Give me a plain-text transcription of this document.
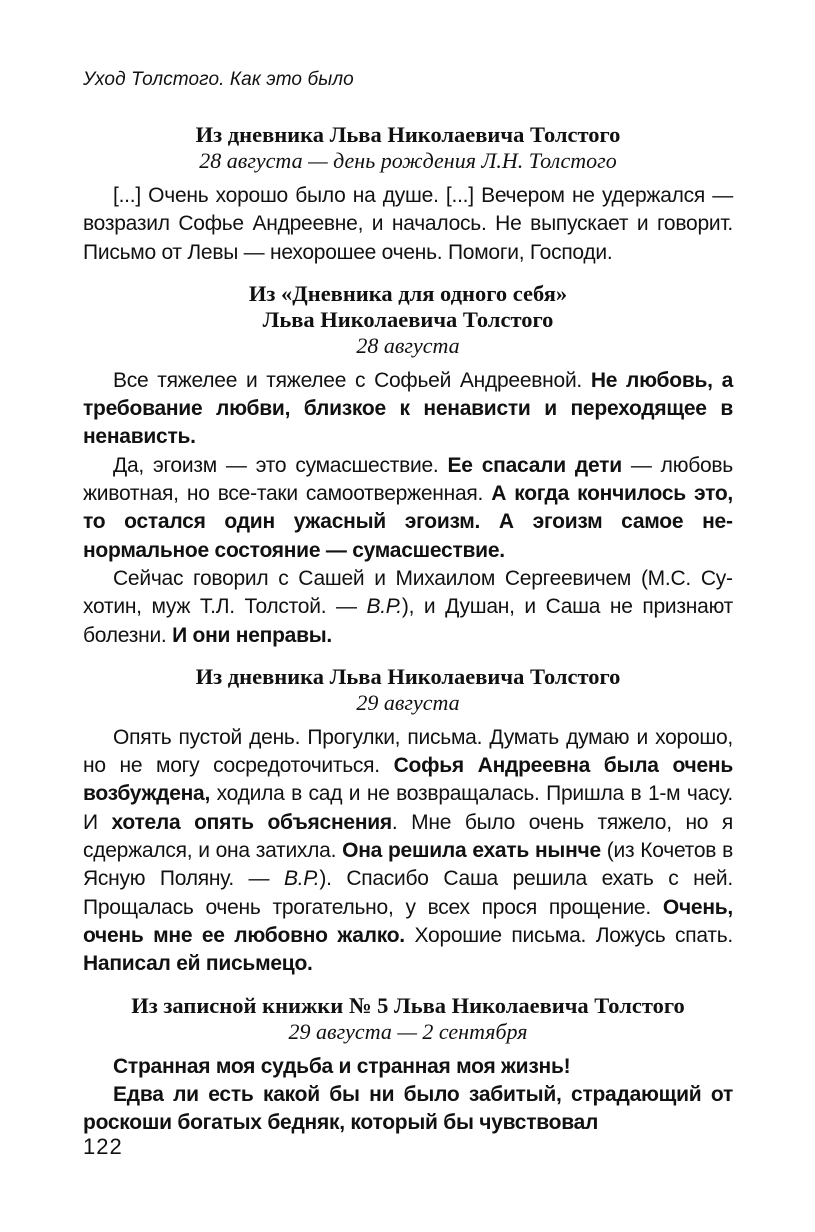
Уход Толстого. Как это было
Из дневника Льва Николаевича Толстого
28 августа — день рождения Л.Н. Толстого

[...] Очень хорошо было на душе. [...] Вечером не удержался — возразил Софье Андреевне, и началось. Не выпускает и говорит. Письмо от Левы — нехорошее очень. Помоги, Господи.

Из «Дневника для одного себя»
Льва Николаевича Толстого
28 августа

Все тяжелее и тяжелее с Софьей Андреевной. Не любовь, а требование любви, близкое к ненависти и переходящее в ненависть.

Да, эгоизм — это сумасшествие. Ее спасали дети — любовь животная, но все-таки самоотверженная. А когда кончилось это, то остался один ужасный эгоизм. А эгоизм самое ненормальное состояние — сумасшествие.

Сейчас говорил с Сашей и Михаилом Сергеевичем (М.С. Сухотин, муж Т.Л. Толстой. — В.Р.), и Душан, и Саша не признают болезни. И они неправы.

Из дневника Льва Николаевича Толстого
29 августа

Опять пустой день. Прогулки, письма. Думать думаю и хорошо, но не могу сосредоточиться. Софья Андреевна была очень возбуждена, ходила в сад и не возвращалась. Пришла в 1-м часу. И хотела опять объяснения. Мне было очень тяжело, но я сдержался, и она затихла. Она решила ехать нынче (из Кочетов в Ясную Поляну. — В.Р.). Спасибо Саша решила ехать с ней. Прощалась очень трогательно, у всех прося прощение. Очень, очень мне ее любовно жалко. Хорошие письма. Ложусь спать. Написал ей письмецо.

Из записной книжки № 5 Льва Николаевича Толстого
29 августа — 2 сентября

Странная моя судьба и странная моя жизнь!

Едва ли есть какой бы ни было забитый, страдающий от роскоши богатых бедняк, который бы чувствовал

122
